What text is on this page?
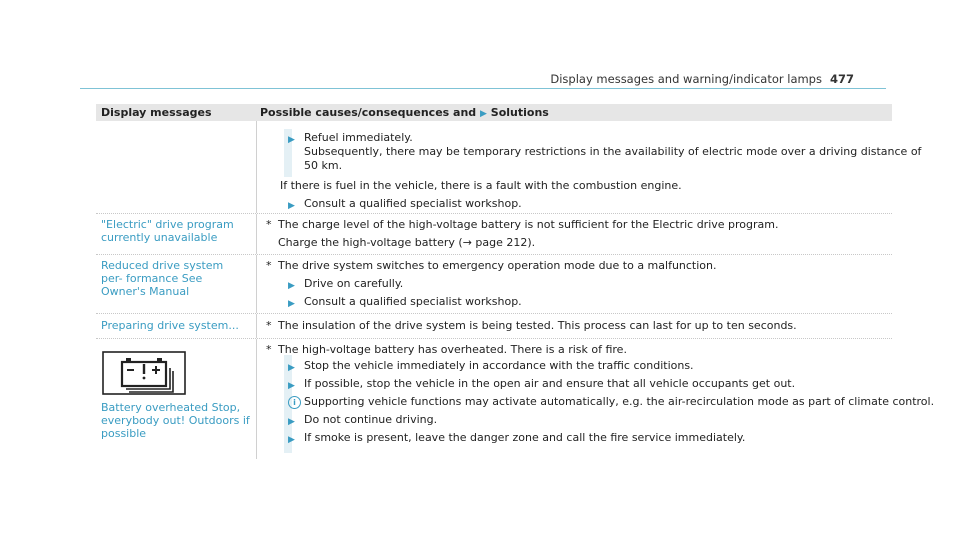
Display messages and warning/indicator lamps 477
Display messages	Possible causes/consequences and ▶ Solutions
▶ Refuel immediately.
Subsequently, there may be temporary restrictions in the availability of electric mode over a driving distance of
50 km.
If there is fuel in the vehicle, there is a fault with the combustion engine.
▶ Consult a qualified specialist workshop.
"Electric" drive program currently unavailable
* The charge level of the high-voltage battery is not sufficient for the Electric drive program.
Charge the high-voltage battery (→ page 212).
Reduced drive system per- formance See Owner's Manual
* The drive system switches to emergency operation mode due to a malfunction.
▶ Drive on carefully.
▶ Consult a qualified specialist workshop.
Preparing drive system...	* The insulation of the drive system is being tested. This process can last for up to ten seconds.
Battery overheated Stop, everybody out! Outdoors if possible
* The high-voltage battery has overheated. There is a risk of fire.
▶ Stop the vehicle immediately in accordance with the traffic conditions.
▶ If possible, stop the vehicle in the open air and ensure that all vehicle occupants get out.
i Supporting vehicle functions may activate automatically, e.g. the air-recirculation mode as part of climate control.
▶ Do not continue driving.
▶ If smoke is present, leave the danger zone and call the fire service immediately.
